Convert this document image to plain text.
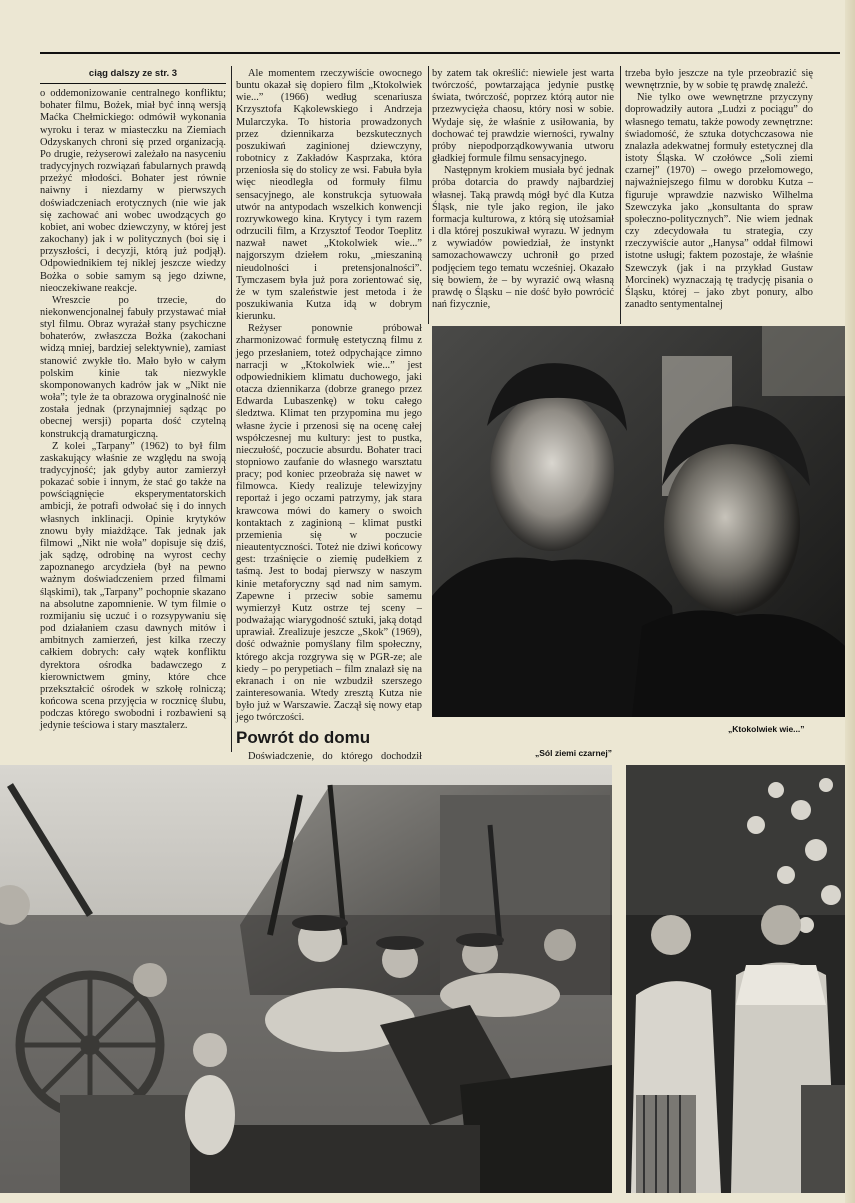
ciąg dalszy ze str. 3

o oddemonizowanie centralnego konfliktu; bohater filmu, Bożek, miał być inną wersją Maćka Chełmickiego: odmówił wykonania wyroku i teraz w miasteczku na Ziemiach Odzyskanych chroni się przed organizacją. Po drugie, reżyserowi zależało na nasyceniu tradycyjnych rozwiązań fabularnych prawdą przeżyć młodości. Bohater jest równie naiwny i niezdarny w pierwszych doświadczeniach erotycznych (nie wie jak się zachować ani wobec uwodzących go kobiet, ani wobec dziewczyny, w której jest zakochany) jak i w politycznych (boi się i przyszłości, i decyzji, którą już podjął). Odpowiednikiem tej niklej jeszcze wiedzy Bożka o sobie samym są jego dziwne, nieoczekiwane reakcje.

Wreszcie po trzecie, do niekonwencjonalnej fabuły przystawać miał styl filmu. Obraz wyrażał stany psychiczne bohaterów, zwłaszcza Bożka (zakochani widzą mniej, bardziej selektywnie), zamiast stanowić zwykłe tło. Mało było w całym polskim kinie tak niezwykle skomponowanych kadrów jak w „Nikt nie woła”; tyle że ta obrazowa oryginalność nie została jednak (przynajmniej sądząc po obecnej wersji) poparta dość czytelną konstrukcją dramaturgiczną.

Z kolei „Tarpany” (1962) to był film zaskakujący właśnie ze względu na swoją tradycyjność; jak gdyby autor zamierzył pokazać sobie i innym, że stać go także na powściągnięcie eksperymentatorskich ambicji, że potrafi odwołać się i do innych własnych inklinacji. Opinie krytyków znowu były miażdżące. Tak jednak jak filmowi „Nikt nie woła” dopisuje się dziś, jak sądzę, odrobinę na wyrost cechy zapoznanego arcydzieła (był na pewno ważnym doświadczeniem przed filmami śląskimi), tak „Tarpany” pochopnie skazano na absolutne zapomnienie. W tym filmie o rozmijaniu się uczuć i o rozsypywaniu się pod działaniem czasu dawnych mitów i ambitnych zamierzeń, jest kilka rzeczy całkiem dobrych: cały wątek konfliktu dyrektora ośrodka badawczego z kierownictwem gminy, które chce przekształcić ośrodek w szkołę rolniczą; końcowa scena przyjęcia w rocznicę ślubu, podczas którego swobodni i rozbawieni są jedynie teściowa i stary masztalerz.

Ale momentem rzeczywiście owocnego buntu okazał się dopiero film „Ktokolwiek wie...” (1966) według scenariusza Krzysztofa Kąkolewskiego i Andrzeja Mularczyka. To historia prowadzonych przez dziennikarza bezskutecznych poszukiwań zaginionej dziewczyny, robotnicy z Zakładów Kasprzaka, która przeniosła się do stolicy ze wsi. Fabuła była więc nieodległa od formuły filmu sensacyjnego, ale konstrukcja sytuowała utwór na antypodach wszelkich konwencji rozrywkowego kina. Krytycy i tym razem odrzucili film, a Krzysztof Teodor Toeplitz nazwał nawet „Ktokolwiek wie...” najgorszym dziełem roku, „mieszaniną nieudolności i pretensjonalności”. Tymczasem była już pora zorientować się, że w tym szaleństwie jest metoda i że poszukiwania Kutza idą w dobrym kierunku.

Reżyser ponownie próbował zharmonizować formułę estetyczną filmu z jego przesłaniem, toteż odpychające zimno narracji w „Ktokolwiek wie...” jest odpowiednikiem klimatu duchowego, jaki otacza dziennikarza (dobrze granego przez Edwarda Lubaszenkę) w toku całego śledztwa. Klimat ten przypomina mu jego własne życie i przenosi się na ocenę całej współczesnej mu kultury: jest to pustka, nieczułość, poczucie absurdu. Bohater traci stopniowo zaufanie do własnego warsztatu pracy; pod koniec przeobraża się nawet w filmowca. Kiedy realizuje telewizyjny reportaż i jego oczami patrzymy, jak stara krawcowa mówi do kamery o swoich kontaktach z zaginioną – klimat pustki przemienia się w poczucie nieautentyczności. Toteż nie dziwi końcowy gest: trzaśnięcie o ziemię pudełkiem z taśmą. Jest to bodaj pierwszy w naszym kinie metaforyczny sąd nad nim samym. Zapewne i przeciw sobie samemu wymierzył Kutz ostrze tej sceny – podważając wiarygodność sztuki, jaką dotąd uprawiał. Zrealizuje jeszcze „Skok” (1969), dość odważnie pomyślany film społeczny, którego akcja rozgrywa się w PGR-ze; ale kiedy – po perypetiach – film znalazł się na ekranach i on nie wzbudził szerszego zainteresowania. Wtedy zresztą Kutza nie było już w Warszawie. Zaczął się nowy etap jego twórczości.

Powrót do domu

Doświadczenie, do którego dochodził

by zatem tak określić: niewiele jest warta twórczość, powtarzająca jedynie pustkę świata, twórczość, poprzez którą autor nie przezwycięża chaosu, który nosi w sobie. Wydaje się, że właśnie z usiłowania, by dochować tej prawdzie wierności, rywalny próby niepodporządkowywania utworu gładkiej formule filmu sensacyjnego.

Następnym krokiem musiała być jednak próba dotarcia do prawdy najbardziej własnej. Taką prawdą mógł być dla Kutza Śląsk, nie tyle jako region, ile jako formacja kulturowa, z którą się utożsamiał i dla której poszukiwał wyrazu. W jednym z wywiadów powiedział, że instynkt samozachowawczy uchronił go przed podjęciem tego tematu wcześniej. Okazało się bowiem, że – by wyrazić ową własną prawdę o Śląsku – nie dość było powrócić nań fizycznie,

trzeba było jeszcze na tyle przeobrazić się wewnętrznie, by w sobie tę prawdę znaleźć.

Nie tylko owe wewnętrzne przyczyny doprowadziły autora „Ludzi z pociągu” do własnego tematu, także powody zewnętrzne: świadomość, że sztuka dotychczasowa nie znalazła adekwatnej formuły estetycznej dla istoty Śląska. W czołówce „Soli ziemi czarnej” (1970) – owego przełomowego, najważniejszego filmu w dorobku Kutza – figuruje wprawdzie nazwisko Wilhelma Szewczyka jako „konsultanta do spraw społeczno-politycznych”. Nie wiem jednak czy zdecydowała tu strategia, czy rzeczywiście autor „Hanysa” oddał filmowi istotne usługi; faktem pozostaje, że właśnie Szewczyk (jak i na przykład Gustaw Morcinek) wyznaczają tę tradycję pisania o Śląsku, której – jako zbyt ponury, albo zanadto sentymentalnej

„Ktokolwiek wie...”
„Sól ziemi czarnej”
